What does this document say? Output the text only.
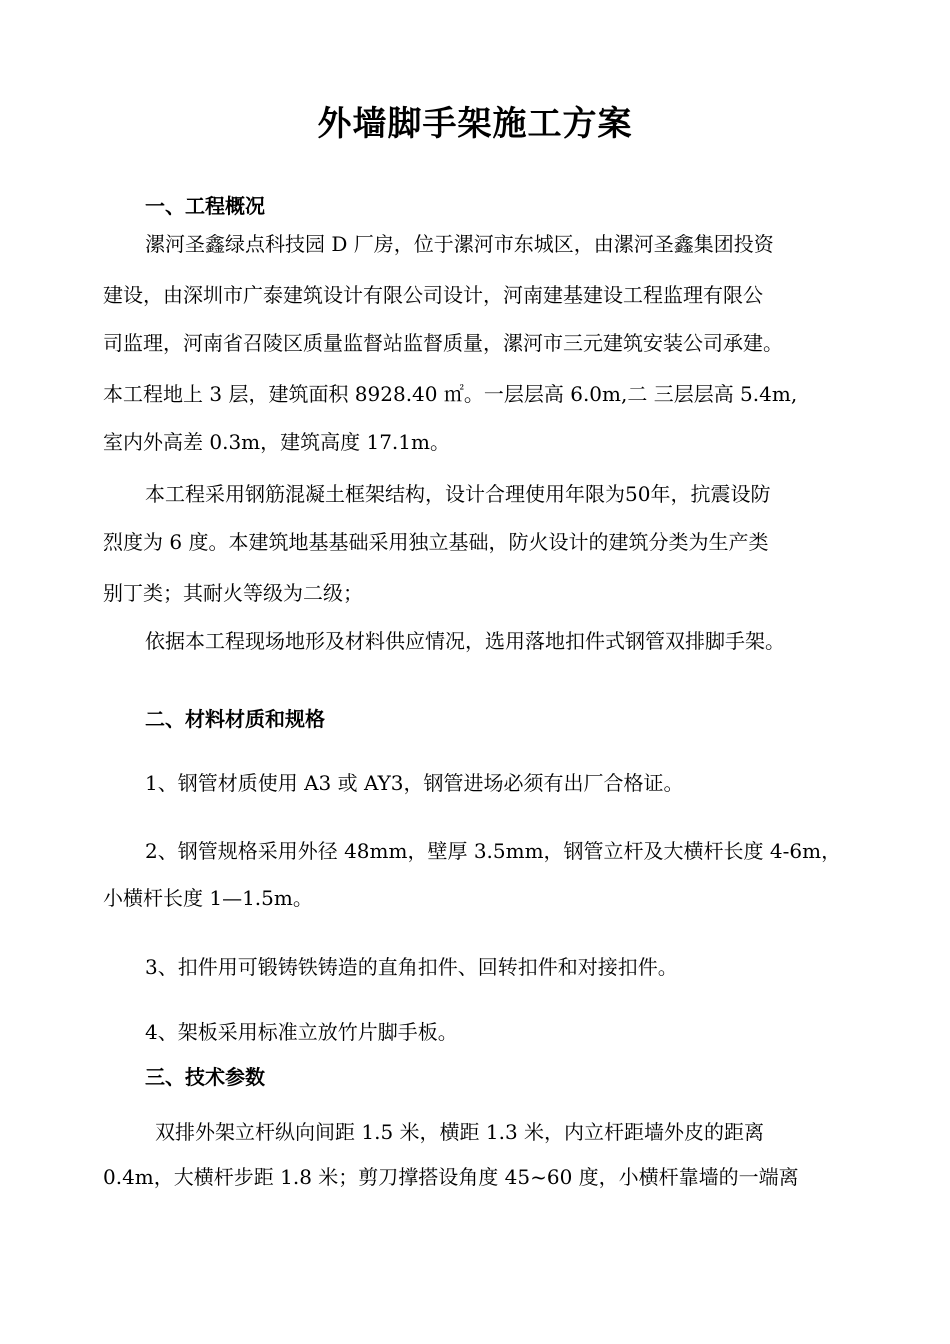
外墙脚手架施工方案
一、工程概况

漯河圣鑫绿点科技园 D 厂房，位于漯河市东城区，由漯河圣鑫集团投资

建设，由深圳市广泰建筑设计有限公司设计，河南建基建设工程监理有限公

司监理，河南省召陵区质量监督站监督质量，漯河市三元建筑安装公司承建。

本工程地上 3 层，建筑面积 8928.40 ㎡。一层层高 6.0m,二 三层层高 5.4m,

室内外高差 0.3m，建筑高度 17.1m。

本工程采用钢筋混凝土框架结构，设计合理使用年限为50年，抗震设防

烈度为 6 度。本建筑地基基础采用独立基础，防火设计的建筑分类为生产类

别丁类；其耐火等级为二级；

依据本工程现场地形及材料供应情况，选用落地扣件式钢管双排脚手架。

二、材料材质和规格

1、钢管材质使用 A3 或 AY3，钢管进场必须有出厂合格证。

2、钢管规格采用外径 48mm，壁厚 3.5mm，钢管立杆及大横杆长度 4-6m，

小横杆长度 1—1.5m。

3、扣件用可锻铸铁铸造的直角扣件、回转扣件和对接扣件。

4、架板采用标准立放竹片脚手板。

三、技术参数

双排外架立杆纵向间距 1.5 米，横距 1.3 米，内立杆距墙外皮的距离

0.4m，大横杆步距 1.8 米；剪刀撑搭设角度 45~60 度，小横杆靠墙的一端离
